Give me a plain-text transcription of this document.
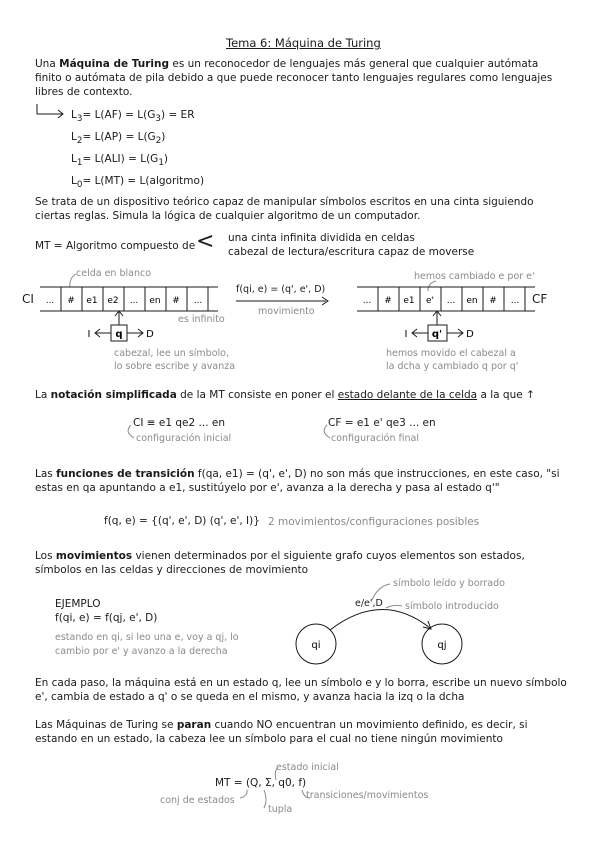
Tema 6: Máquina de Turing
Una Máquina de Turing es un reconocedor de lenguajes más general que cualquier autómata finito o autómata de pila debido a que puede reconocer tanto lenguajes regulares como lenguajes libres de contexto.
$L_3= L(AF) = L(G_3)$ = ER
$L_2= L(AP) = L(G_2)$
$L_1= L(ALI) = L(G_1)$
$L_0= L(MT)$ = L(algoritmo)
Se trata de un dispositivo teórico capaz de manipular símbolos escritos en una cinta siguiendo ciertas reglas. Simula la lógica de cualquier algoritmo de un computador.
MT = Algoritmo compuesto de < una cinta infinita dividida en celdas
cabezal de lectura/escritura capaz de moverse
celda en blanco	hemos cambiado e por e'
CI	CF
... # e1 e2 ... en # ...	... # e1 e' ... en # ...
f(qi, e) = (q', e', D)
movimiento
q
I	D
es infinito
cabezal, lee un símbolo,
lo sobre escribe y avanza
q'
I	D
hemos movido el cabezal a
la dcha y cambiado q por q'
La notación simplificada de la MT consiste en poner el estado delante de la celda a la que ↑
CI ≡ e1 qe2 ... en
configuración inicial
CF = e1 e' qe3 ... en
configuración final
Las funciones de transición f(qa, e1) = (q', e', D) no son más que instrucciones, en este caso, "si estas en qa apuntando a e1, sustitúyelo por e', avanza a la derecha y pasa al estado q'"
f(q, e) = {(q', e', D) (q', e', I)} 2 movimientos/configuraciones posibles
Los movimientos vienen determinados por el siguiente grafo cuyos elementos son estados, símbolos en las celdas y direcciones de movimiento
EJEMPLO
f(qi, e) = f(qj, e', D)
estando en qi, si leo una e, voy a qj, lo
cambio por e' y avanzo a la derecha
símbolo leído y borrado
símbolo introducido
e/e',D
qi	qj
En cada paso, la máquina está en un estado q, lee un símbolo e y lo borra, escribe un nuevo símbolo e', cambia de estado a q' o se queda en el mismo, y avanza hacia la izq o la dcha
Las Máquinas de Turing se paran cuando NO encuentran un movimiento definido, es decir, si estando en un estado, la cabeza lee un símbolo para el cual no tiene ningún movimiento
estado inicial
MT = (Q, Σ, q0, f)
conj de estados	transiciones/movimientos
tupla
